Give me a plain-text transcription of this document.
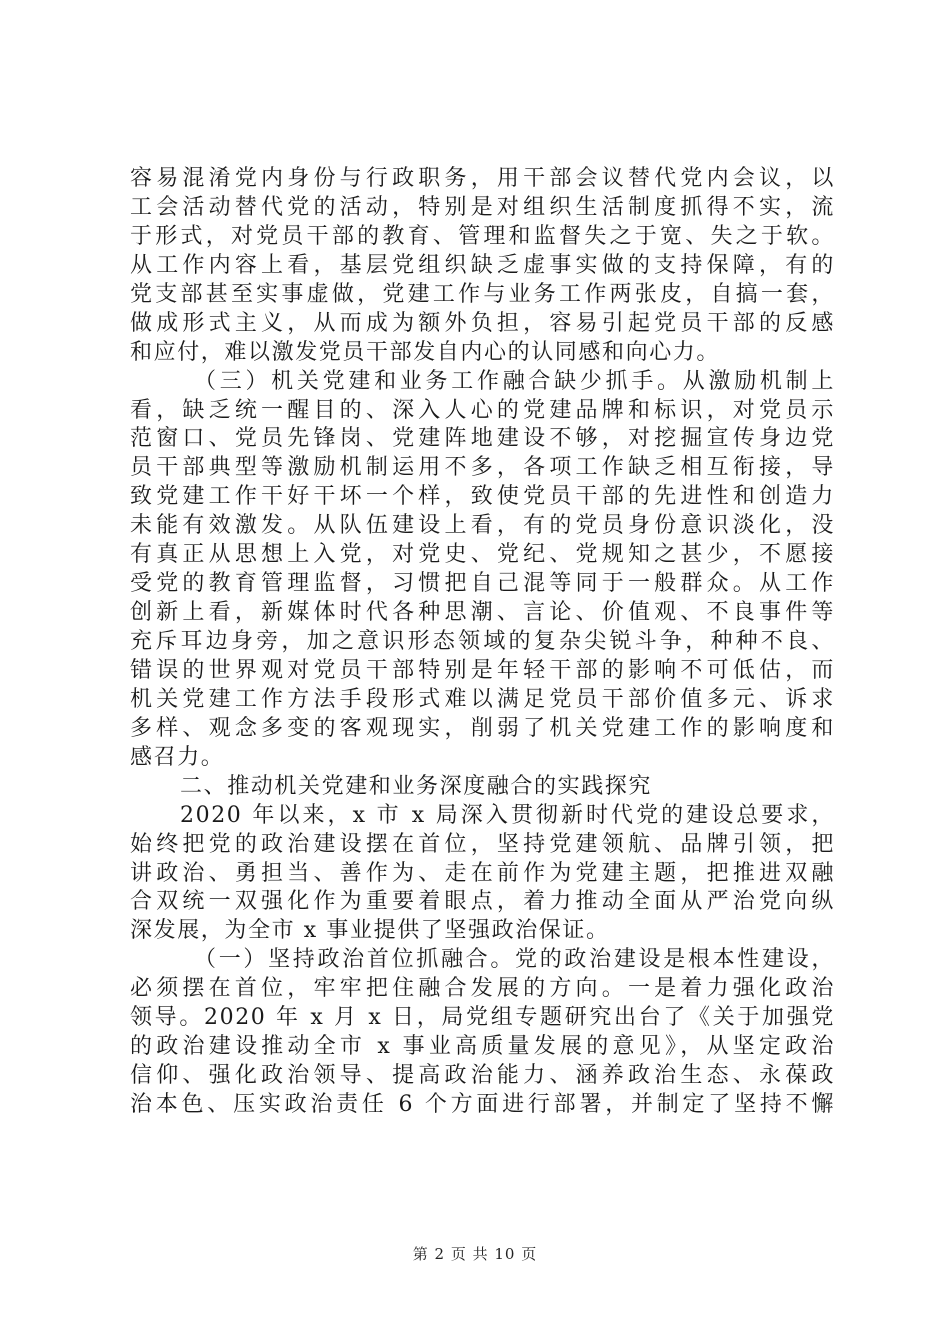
容易混淆党内身份与行政职务，用干部会议替代党内会议，以
工会活动替代党的活动，特别是对组织生活制度抓得不实，流
于形式，对党员干部的教育、管理和监督失之于宽、失之于软。
从工作内容上看，基层党组织缺乏虚事实做的支持保障，有的
党支部甚至实事虚做，党建工作与业务工作两张皮，自搞一套，
做成形式主义，从而成为额外负担，容易引起党员干部的反感
和应付，难以激发党员干部发自内心的认同感和向心力。
（三）机关党建和业务工作融合缺少抓手。从激励机制上
看，缺乏统一醒目的、深入人心的党建品牌和标识，对党员示
范窗口、党员先锋岗、党建阵地建设不够，对挖掘宣传身边党
员干部典型等激励机制运用不多，各项工作缺乏相互衔接，导
致党建工作干好干坏一个样，致使党员干部的先进性和创造力
未能有效激发。从队伍建设上看，有的党员身份意识淡化，没
有真正从思想上入党，对党史、党纪、党规知之甚少，不愿接
受党的教育管理监督，习惯把自己混等同于一般群众。从工作
创新上看，新媒体时代各种思潮、言论、价值观、不良事件等
充斥耳边身旁，加之意识形态领域的复杂尖锐斗争，种种不良、
错误的世界观对党员干部特别是年轻干部的影响不可低估，而
机关党建工作方法手段形式难以满足党员干部价值多元、诉求
多样、观念多变的客观现实，削弱了机关党建工作的影响度和
感召力。
二、推动机关党建和业务深度融合的实践探究
2020 年以来，x 市 x 局深入贯彻新时代党的建设总要求，
始终把党的政治建设摆在首位，坚持党建领航、品牌引领，把
讲政治、勇担当、善作为、走在前作为党建主题，把推进双融
合双统一双强化作为重要着眼点，着力推动全面从严治党向纵
深发展，为全市 x 事业提供了坚强政治保证。
（一）坚持政治首位抓融合。党的政治建设是根本性建设，
必须摆在首位，牢牢把住融合发展的方向。一是着力强化政治
领导。2020 年 x 月 x 日，局党组专题研究出台了《关于加强党
的政治建设推动全市 x 事业高质量发展的意见》，从坚定政治
信仰、强化政治领导、提高政治能力、涵养政治生态、永葆政
治本色、压实政治责任 6 个方面进行部署，并制定了坚持不懈
第 2 页 共 10 页
